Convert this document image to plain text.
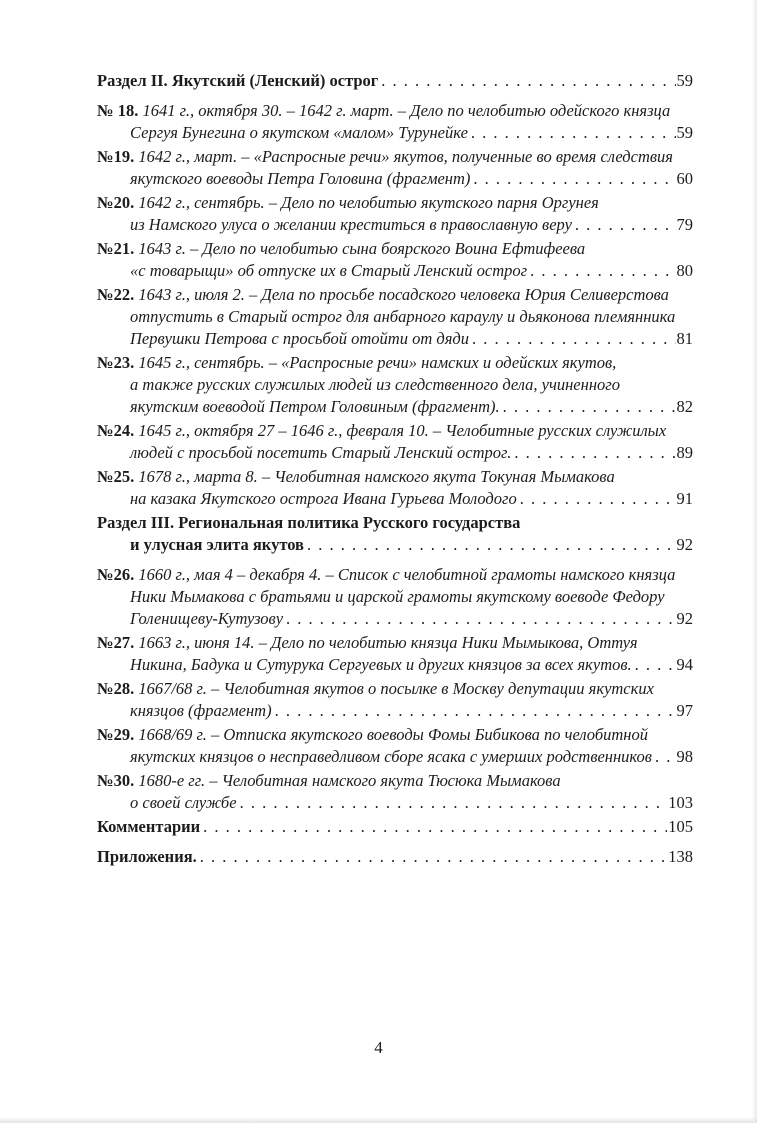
Раздел II. Якутский (Ленский) острог . . .	59
№ 18. 1641 г., октября 30. – 1642 г. март. – Дело по челобитью одейского князца
Сергуя Бунегина о якутском «малом» Турунейке . . .	59
№19. 1642 г., март. – «Распросные речи» якутов, полученные во время следствия
якутского воеводы Петра Головина (фрагмент) . . .	60
№20. 1642 г., сентябрь. – Дело по челобитью якутского парня Оргунея
из Намского улуса о желании креститься в православную веру . . .	79
№21. 1643 г. – Дело по челобитью сына боярского Воина Ефтифеева
«с товарыщи» об отпуске их в Старый Ленский острог . . .	80
№22. 1643 г., июля 2. – Дела по просьбе посадского человека Юрия Селиверстова
отпустить в Старый острог для анбарного караулу и дьяконова племянника
Первушки Петрова с просьбой отойти от дяди . . .	81
№23. 1645 г., сентябрь. – «Распросные речи» намских и одейских якутов,
а также русских служилых людей из следственного дела, учиненного
якутским воеводой Петром Головиным (фрагмент). . . .	82
№24. 1645 г., октября 27 – 1646 г., февраля 10. – Челобитные русских служилых
людей с просьбой посетить Старый Ленский острог. . . .	89
№25. 1678 г., марта 8. – Челобитная намского якута Токуная Мымакова
на казака Якутского острога Ивана Гурьева Молодого . . .	91
Раздел III. Региональная политика Русского государства
и улусная элита якутов . . .	92
№26. 1660 г., мая 4 – декабря 4. – Список с челобитной грамоты намского князца
Ники Мымакова с братьями и царской грамоты якутскому воеводе Федору
Голенищеву-Кутузову . . .	92
№27. 1663 г., июня 14. – Дело по челобитью князца Ники Мымыкова, Оттуя
Никина, Бадука и Сутурука Сергуевых и других князцов за всех якутов. . . .	94
№28. 1667/68 г. – Челобитная якутов о посылке в Москву депутации якутских
князцов (фрагмент) . . .	97
№29. 1668/69 г. – Отписка якутского воеводы Фомы Бибикова по челобитной
якутских князцов о несправедливом сборе ясака с умерших родственников . . . 98
№30. 1680-е гг. – Челобитная намского якута Тюсюка Мымакова
о своей службе . . .	103
Комментарии . . .	105
Приложения. . . .	138
4
